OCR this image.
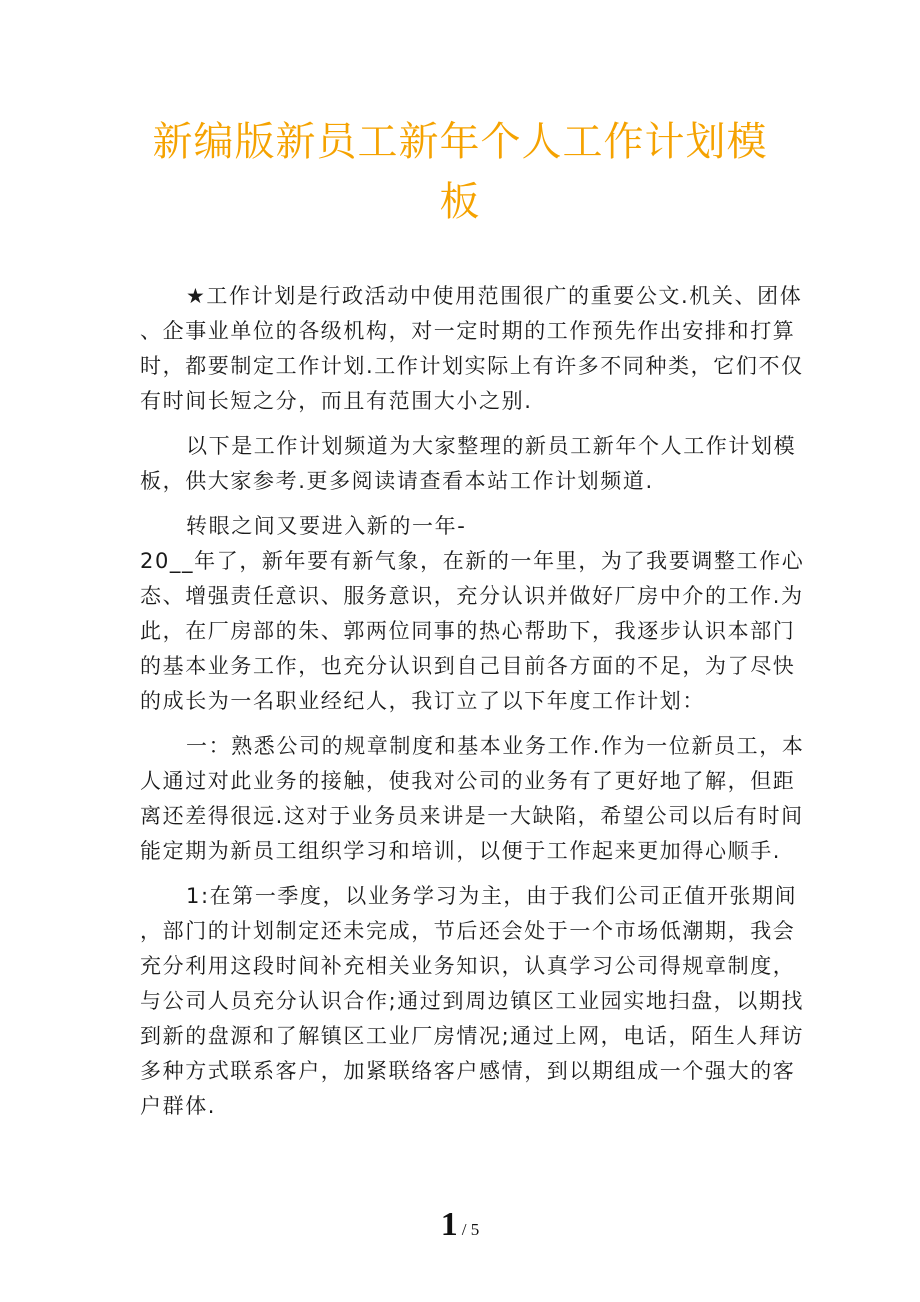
新编版新员工新年个人工作计划模
板
★工作计划是行政活动中使用范围很广的重要公文.机关、团体
、企事业单位的各级机构，对一定时期的工作预先作出安排和打算
时，都要制定工作计划.工作计划实际上有许多不同种类，它们不仅
有时间长短之分，而且有范围大小之别.
以下是工作计划频道为大家整理的新员工新年个人工作计划模
板，供大家参考.更多阅读请查看本站工作计划频道.
转眼之间又要进入新的一年-
20__年了，新年要有新气象，在新的一年里，为了我要调整工作心
态、增强责任意识、服务意识，充分认识并做好厂房中介的工作.为
此，在厂房部的朱、郭两位同事的热心帮助下，我逐步认识本部门
的基本业务工作，也充分认识到自己目前各方面的不足，为了尽快
的成长为一名职业经纪人，我订立了以下年度工作计划：
一：熟悉公司的规章制度和基本业务工作.作为一位新员工，本
人通过对此业务的接触，使我对公司的业务有了更好地了解，但距
离还差得很远.这对于业务员来讲是一大缺陷，希望公司以后有时间
能定期为新员工组织学习和培训，以便于工作起来更加得心顺手.
1:在第一季度，以业务学习为主，由于我们公司正值开张期间
，部门的计划制定还未完成，节后还会处于一个市场低潮期，我会
充分利用这段时间补充相关业务知识，认真学习公司得规章制度，
与公司人员充分认识合作;通过到周边镇区工业园实地扫盘，以期找
到新的盘源和了解镇区工业厂房情况;通过上网，电话，陌生人拜访
多种方式联系客户，加紧联络客户感情，到以期组成一个强大的客
户群体.
1 / 5
